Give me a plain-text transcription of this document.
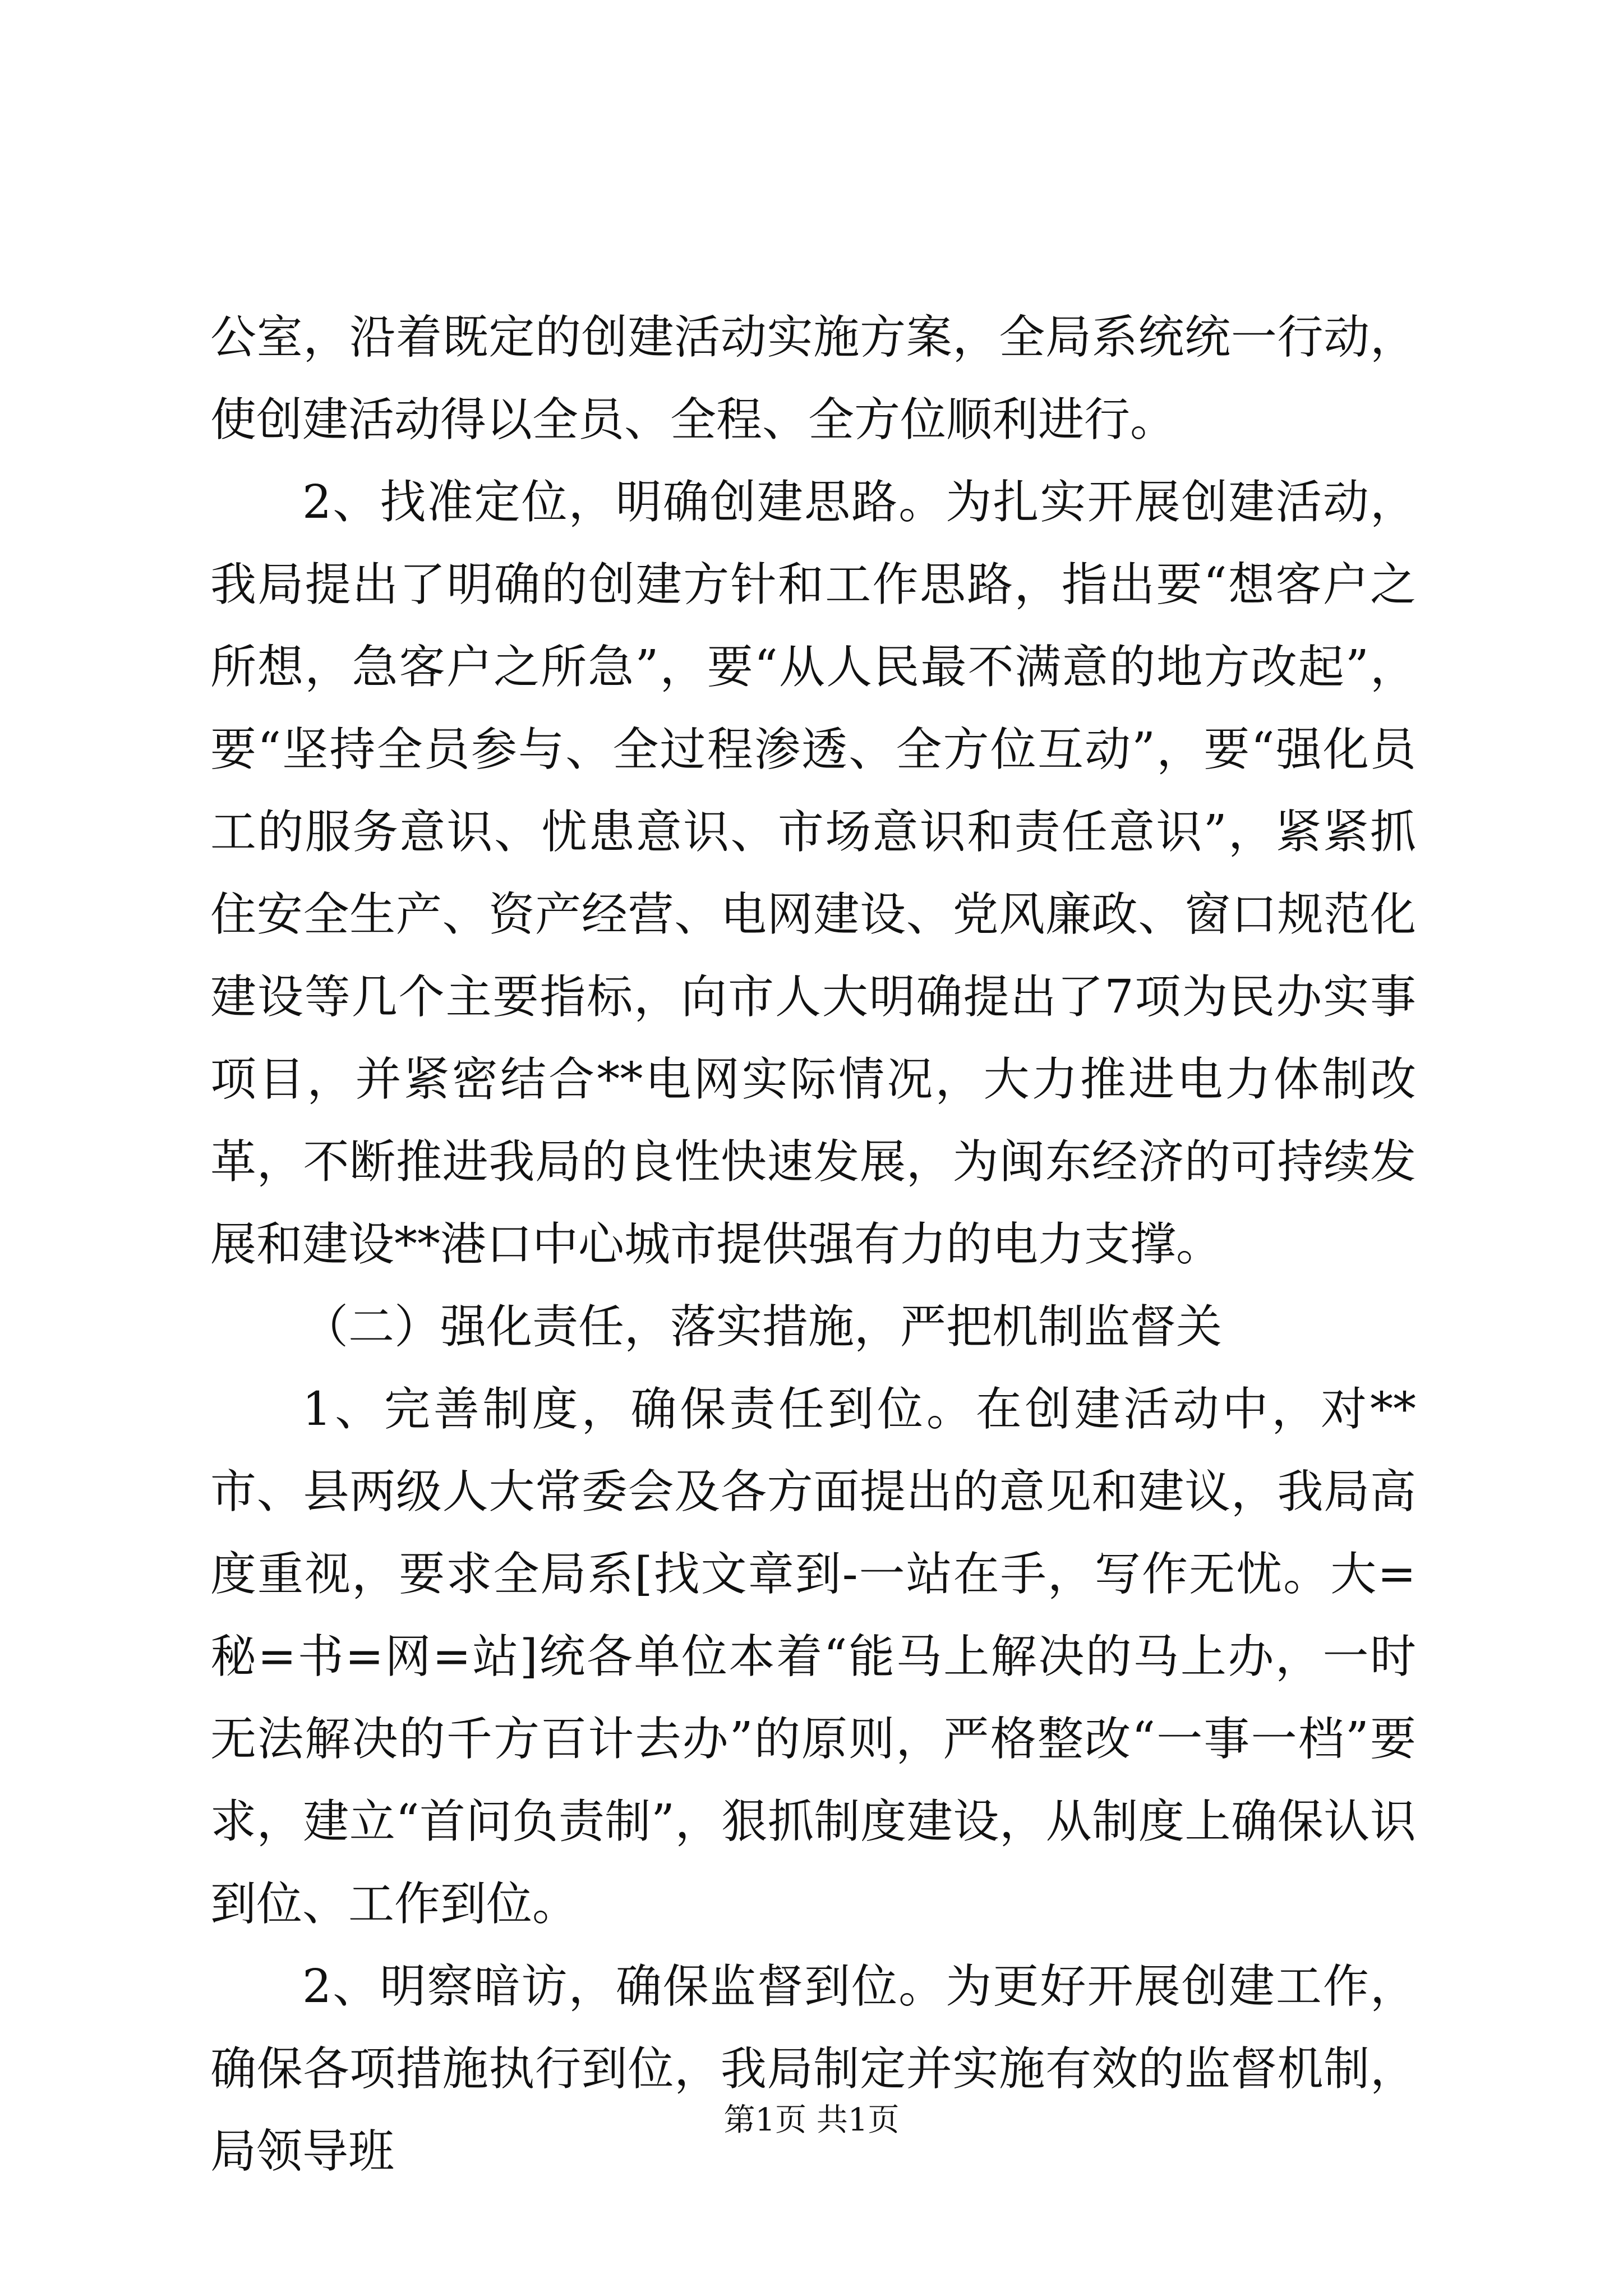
公室，沿着既定的创建活动实施方案，全局系统统一行动，使创建活动得以全员、全程、全方位顺利进行。

2、找准定位，明确创建思路。为扎实开展创建活动，我局提出了明确的创建方针和工作思路，指出要“想客户之所想，急客户之所急”，要“从人民最不满意的地方改起”，要“坚持全员参与、全过程渗透、全方位互动”，要“强化员工的服务意识、忧患意识、市场意识和责任意识”，紧紧抓住安全生产、资产经营、电网建设、党风廉政、窗口规范化建设等几个主要指标，向市人大明确提出了7项为民办实事项目，并紧密结合**电网实际情况，大力推进电力体制改革，不断推进我局的良性快速发展，为闽东经济的可持续发展和建设**港口中心城市提供强有力的电力支撑。

（二）强化责任，落实措施，严把机制监督关

1、完善制度，确保责任到位。在创建活动中，对**市、县两级人大常委会及各方面提出的意见和建议，我局高度重视，要求全局系[找文章到-一站在手，写作无忧。大=秘=书=网=站]统各单位本着“能马上解决的马上办，一时无法解决的千方百计去办”的原则，严格整改“一事一档”要求，建立“首问负责制”，狠抓制度建设，从制度上确保认识到位、工作到位。

2、明察暗访，确保监督到位。为更好开展创建工作，确保各项措施执行到位，我局制定并实施有效的监督机制，局领导班

第1页 共1页
